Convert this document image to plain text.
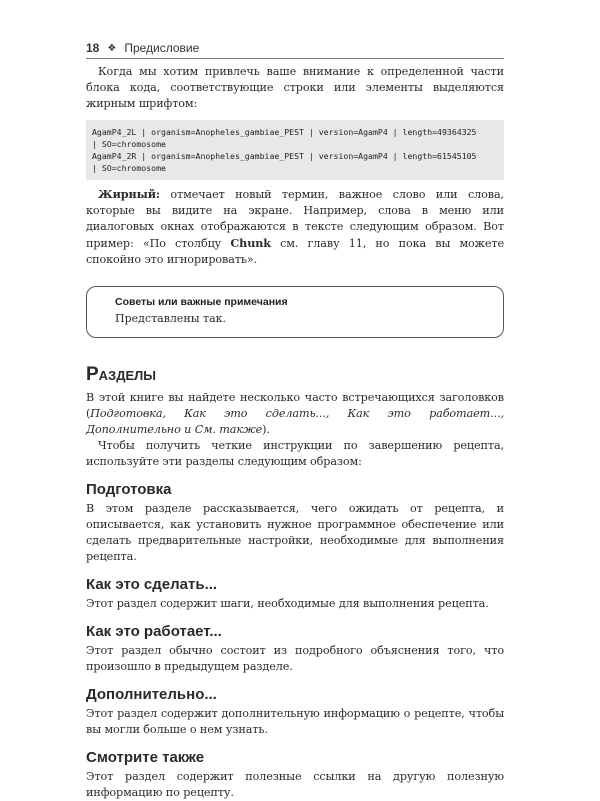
18 ❖ Предисловие

Когда мы хотим привлечь ваше внимание к определенной части блока кода, соответствующие строки или элементы выделяются жирным шрифтом:

AgamP4_2L | organism=Anopheles_gambiae_PEST | version=AgamP4 | length=49364325
| SO=chromosome
AgamP4_2R | organism=Anopheles_gambiae_PEST | version=AgamP4 | length=61545105
| SO=chromosome

Жирный: отмечает новый термин, важное слово или слова, которые вы видите на экране. Например, слова в меню или диалоговых окнах отображаются в тексте следующим образом. Вот пример: «По столбцу Chunk см. главу 11, но пока вы можете спокойно это игнорировать».

Советы или важные примечания
Представлены так.
Разделы

В этой книге вы найдете несколько часто встречающихся заголовков (Подготовка, Как это сделать..., Как это работает..., Дополнительно и См. также).

Чтобы получить четкие инструкции по завершению рецепта, используйте эти разделы следующим образом:

Подготовка

В этом разделе рассказывается, чего ожидать от рецепта, и описывается, как установить нужное программное обеспечение или сделать предварительные настройки, необходимые для выполнения рецепта.

Как это сделать...

Этот раздел содержит шаги, необходимые для выполнения рецепта.

Как это работает...

Этот раздел обычно состоит из подробного объяснения того, что произошло в предыдущем разделе.

Дополнительно...

Этот раздел содержит дополнительную информацию о рецепте, чтобы вы могли больше о нем узнать.

Смотрите также

Этот раздел содержит полезные ссылки на другую полезную информацию по рецепту.
